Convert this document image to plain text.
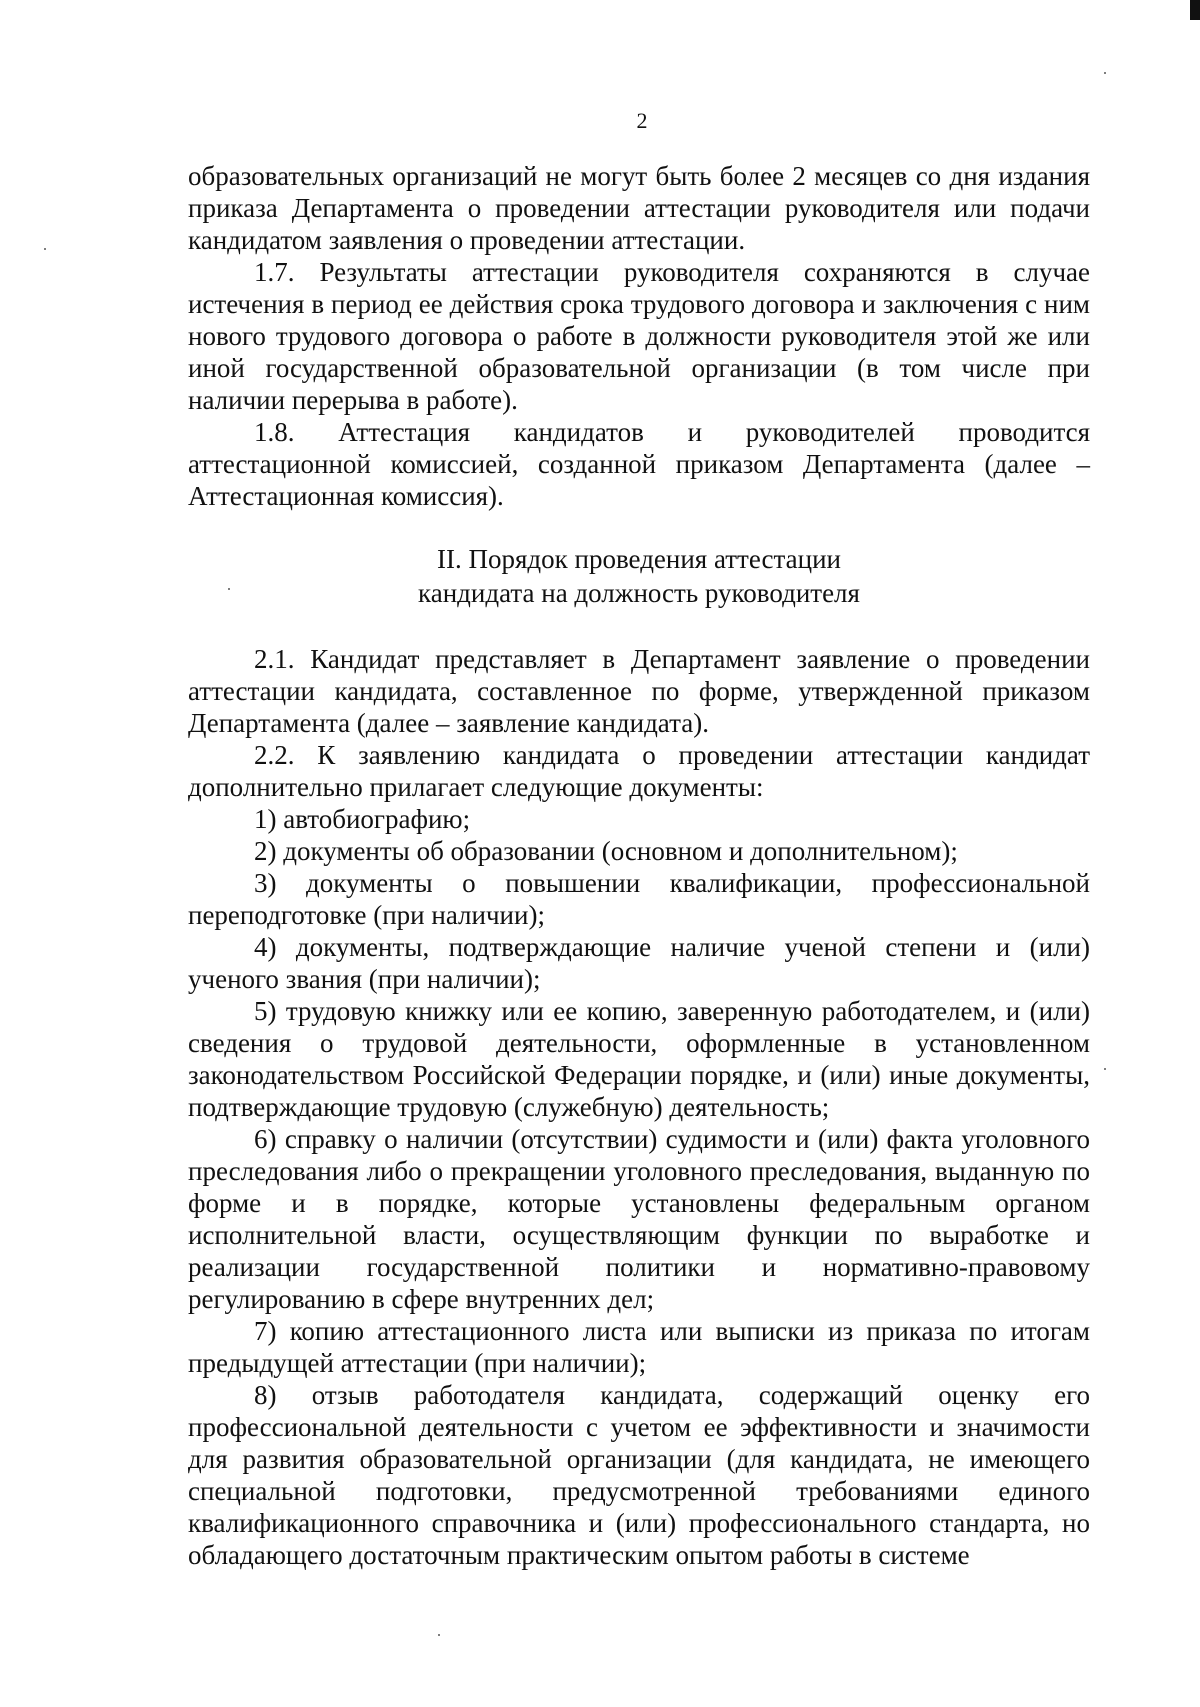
2

образовательных организаций не могут быть более 2 месяцев со дня издания приказа Департамента о проведении аттестации руководителя или подачи кандидатом заявления о проведении аттестации.

1.7. Результаты аттестации руководителя сохраняются в случае истечения в период ее действия срока трудового договора и заключения с ним нового трудового договора о работе в должности руководителя этой же или иной государственной образовательной организации (в том числе при наличии перерыва в работе).

1.8. Аттестация кандидатов и руководителей проводится аттестационной комиссией, созданной приказом Департамента (далее – Аттестационная комиссия).

II. Порядок проведения аттестации
кандидата на должность руководителя

2.1. Кандидат представляет в Департамент заявление о проведении аттестации кандидата, составленное по форме, утвержденной приказом Департамента (далее – заявление кандидата).

2.2. К заявлению кандидата о проведении аттестации кандидат дополнительно прилагает следующие документы:

1) автобиографию;

2) документы об образовании (основном и дополнительном);

3) документы о повышении квалификации, профессиональной переподготовке (при наличии);

4) документы, подтверждающие наличие ученой степени и (или) ученого звания (при наличии);

5) трудовую книжку или ее копию, заверенную работодателем, и (или) сведения о трудовой деятельности, оформленные в установленном законодательством Российской Федерации порядке, и (или) иные документы, подтверждающие трудовую (служебную) деятельность;

6) справку о наличии (отсутствии) судимости и (или) факта уголовного преследования либо о прекращении уголовного преследования, выданную по форме и в порядке, которые установлены федеральным органом исполнительной власти, осуществляющим функции по выработке и реализации государственной политики и нормативно-правовому регулированию в сфере внутренних дел;

7) копию аттестационного листа или выписки из приказа по итогам предыдущей аттестации (при наличии);

8) отзыв работодателя кандидата, содержащий оценку его профессиональной деятельности с учетом ее эффективности и значимости для развития образовательной организации (для кандидата, не имеющего специальной подготовки, предусмотренной требованиями единого квалификационного справочника и (или) профессионального стандарта, но обладающего достаточным практическим опытом работы в системе
